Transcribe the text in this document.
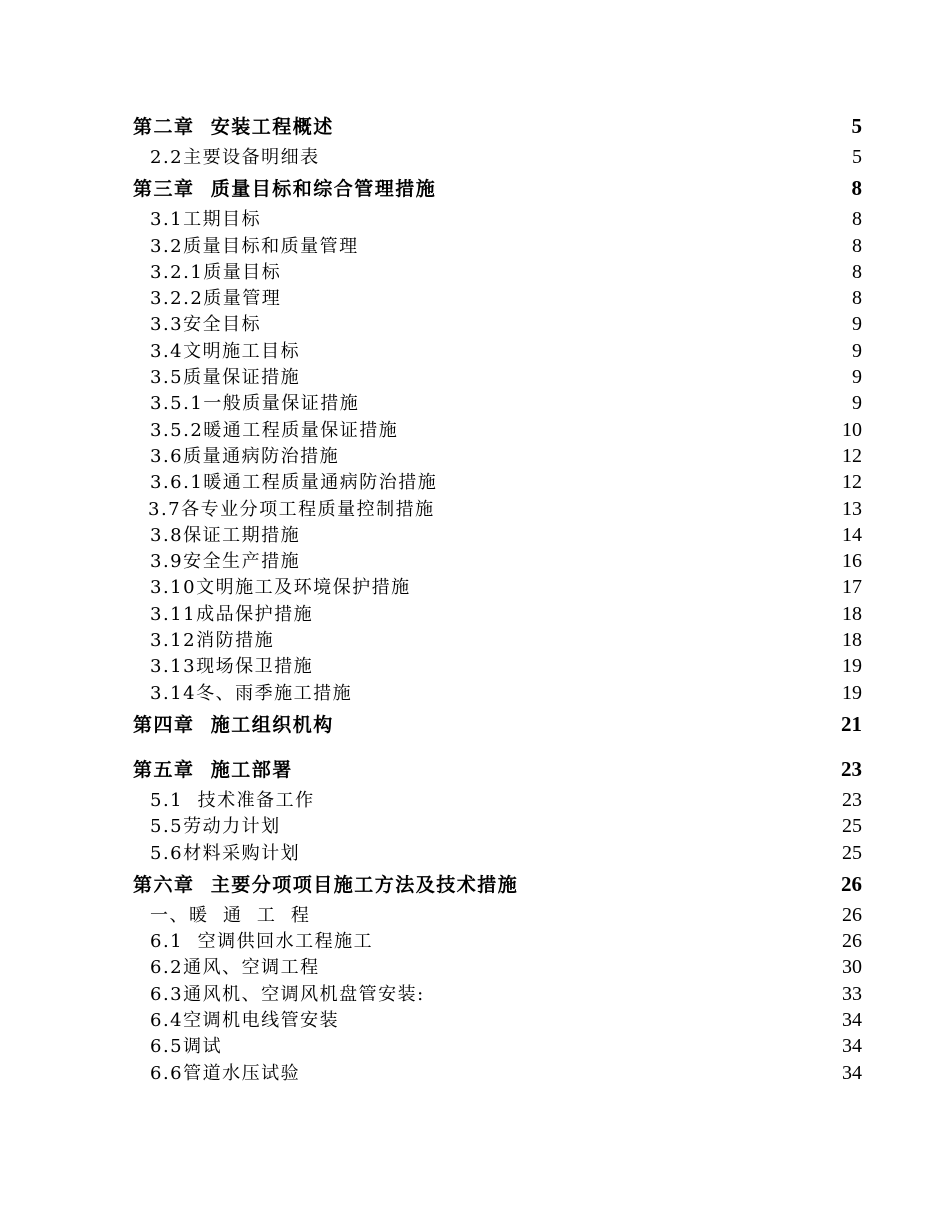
第二章  安装工程概述	5
2.2主要设备明细表	5
第三章  质量目标和综合管理措施	8
3.1工期目标	8
3.2质量目标和质量管理	8
3.2.1质量目标	8
3.2.2质量管理	8
3.3安全目标	9
3.4文明施工目标	9
3.5质量保证措施	9
3.5.1一般质量保证措施	9
3.5.2暖通工程质量保证措施	10
3.6质量通病防治措施	12
3.6.1暖通工程质量通病防治措施	12
3.7各专业分项工程质量控制措施	13
3.8保证工期措施	14
3.9安全生产措施	16
3.10文明施工及环境保护措施	17
3.11成品保护措施	18
3.12消防措施	18
3.13现场保卫措施	19
3.14冬、雨季施工措施	19
第四章  施工组织机构	21
第五章  施工部署	23
5.1  技术准备工作	23
5.5劳动力计划	25
5.6材料采购计划	25
第六章  主要分项项目施工方法及技术措施	26
一、暖  通  工  程	26
6.1  空调供回水工程施工	26
6.2通风、空调工程	30
6.3通风机、空调风机盘管安装:	33
6.4空调机电线管安装	34
6.5调试	34
6.6管道水压试验	34
